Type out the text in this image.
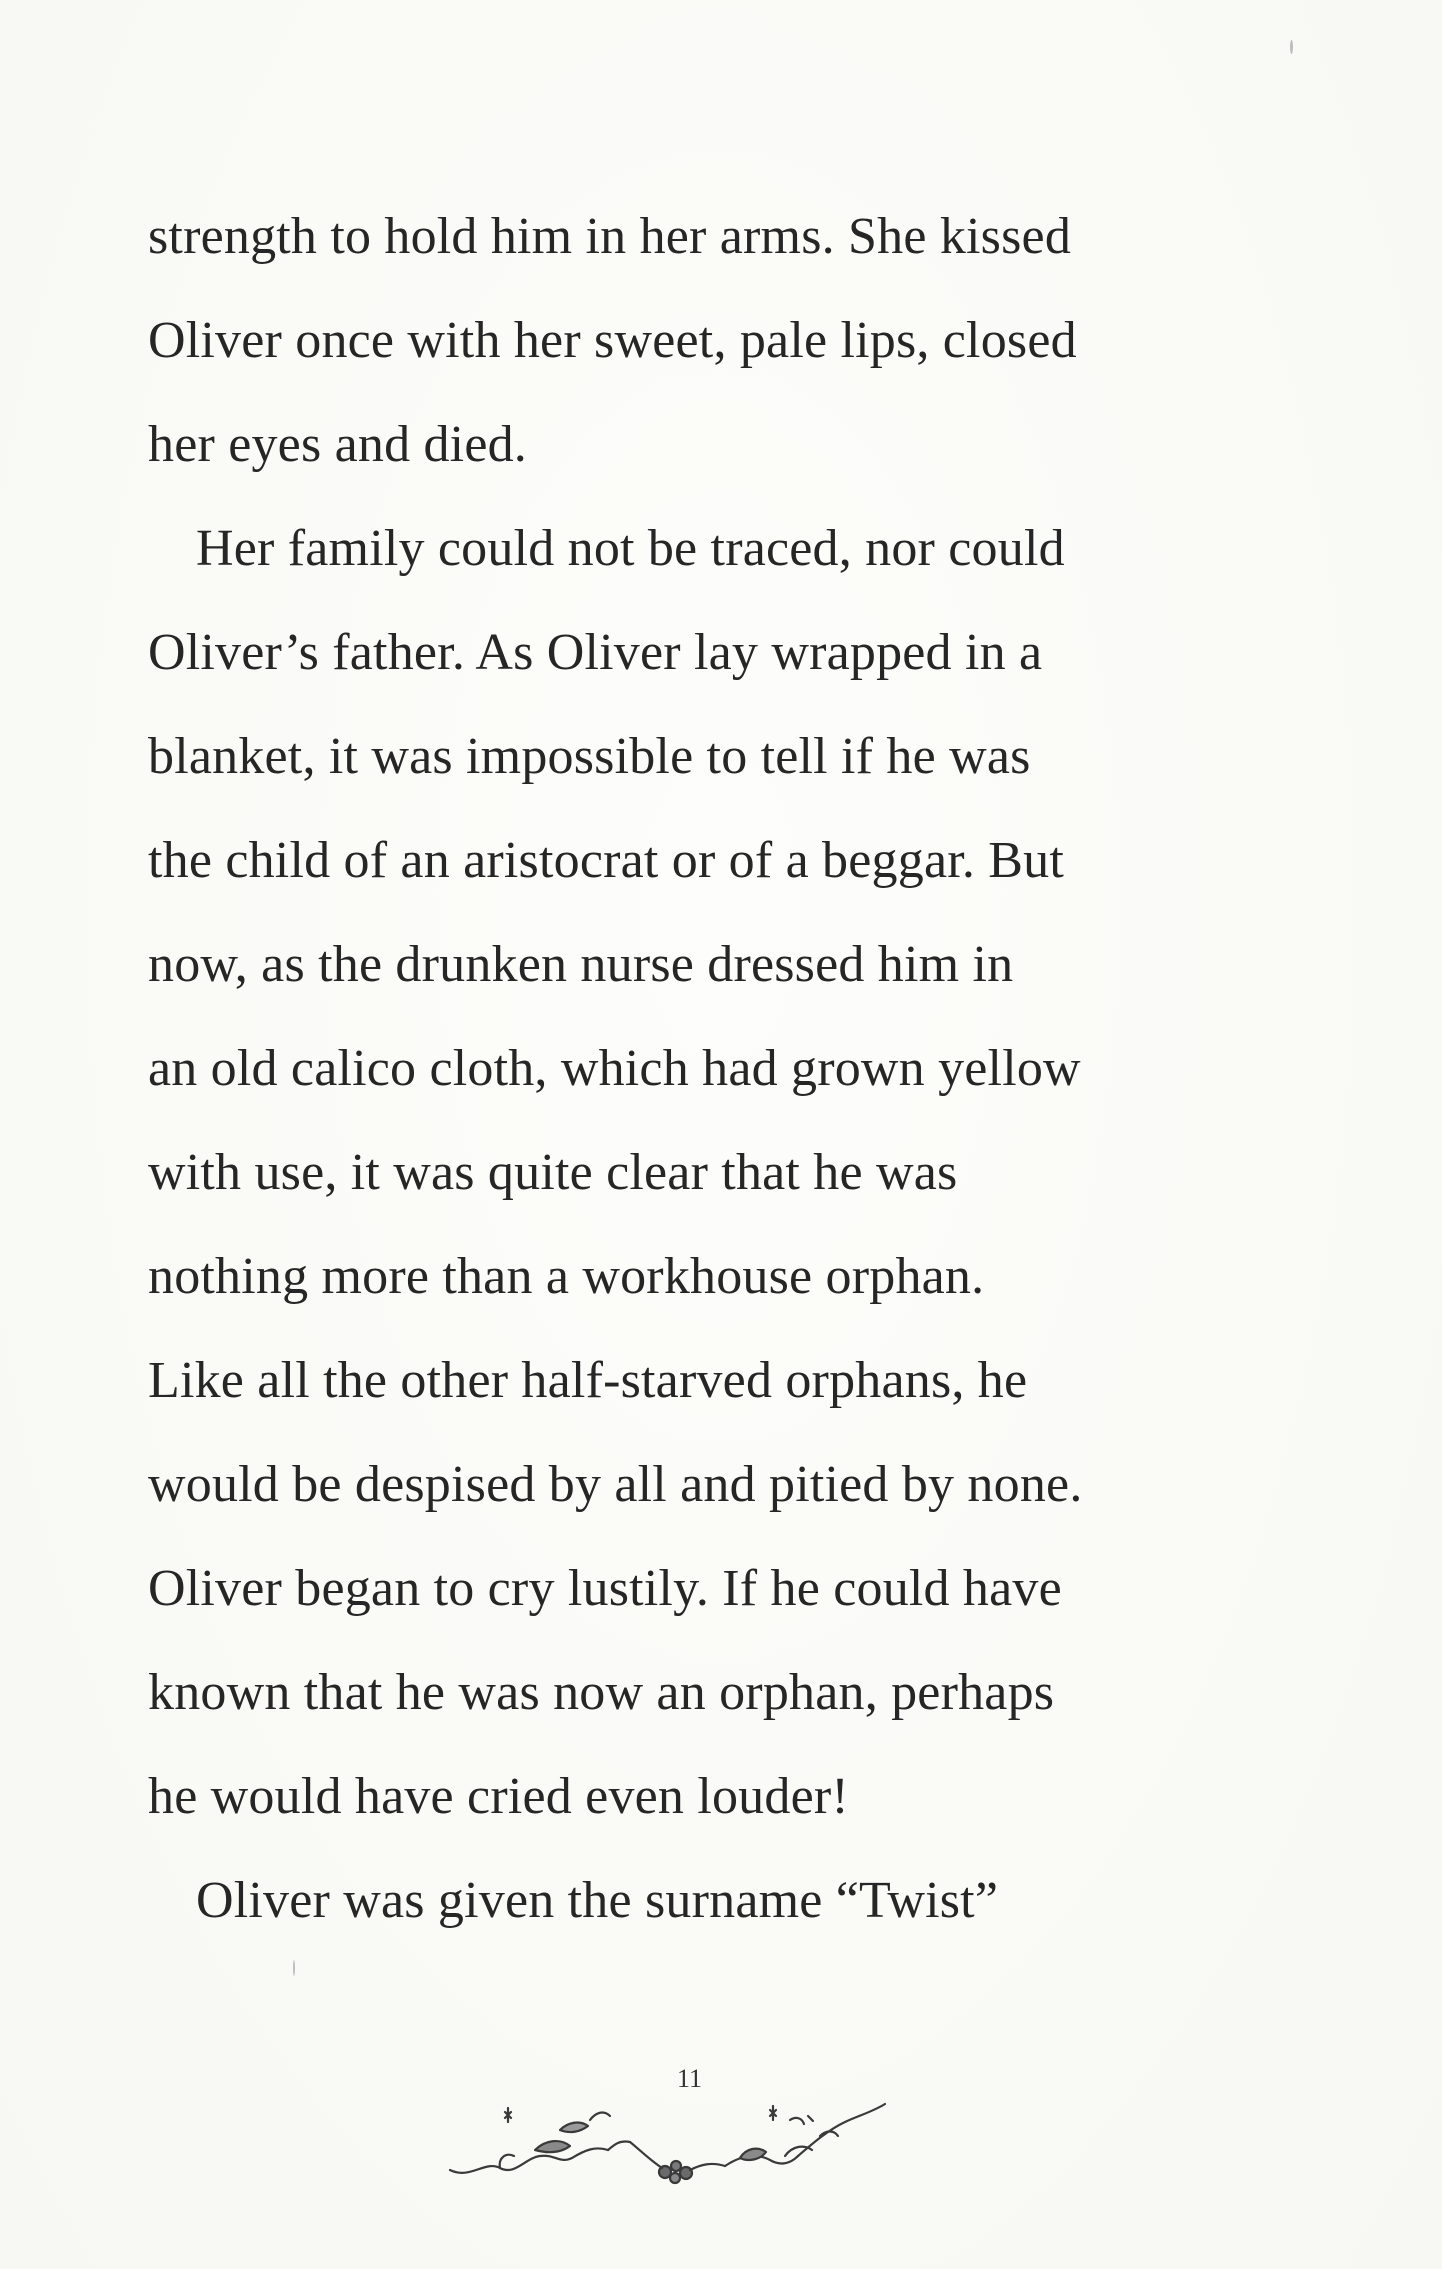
strength to hold him in her arms. She kissed
Oliver once with her sweet, pale lips, closed
her eyes and died.
Her family could not be traced, nor could
Oliver’s father. As Oliver lay wrapped in a
blanket, it was impossible to tell if he was
the child of an aristocrat or of a beggar. But
now, as the drunken nurse dressed him in
an old calico cloth, which had grown yellow
with use, it was quite clear that he was
nothing more than a workhouse orphan.
Like all the other half-starved orphans, he
would be despised by all and pitied by none.
Oliver began to cry lustily. If he could have
known that he was now an orphan, perhaps
he would have cried even louder!
Oliver was given the surname “Twist”
11
